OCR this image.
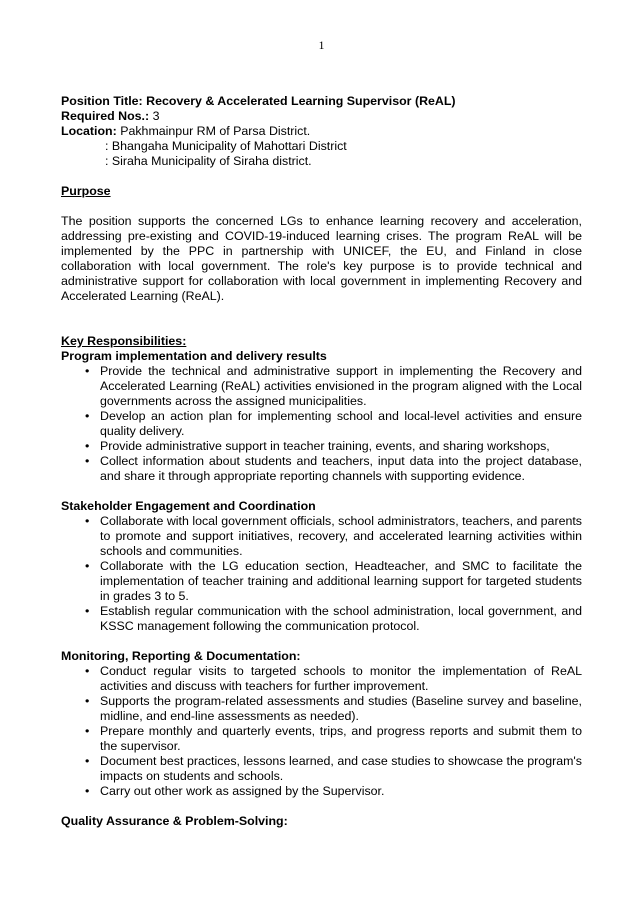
1

Position Title: Recovery & Accelerated Learning Supervisor (ReAL)

Required Nos.: 3

Location: Pakhmainpur RM of Parsa District.

: Bhangaha Municipality of Mahottari District

: Siraha Municipality of Siraha district.

Purpose

The position supports the concerned LGs to enhance learning recovery and acceleration, addressing pre-existing and COVID-19-induced learning crises. The program ReAL will be implemented by the PPC in partnership with UNICEF, the EU, and Finland in close collaboration with local government. The role's key purpose is to provide technical and administrative support for collaboration with local government in implementing Recovery and Accelerated Learning (ReAL).

Key Responsibilities:

Program implementation and delivery results

• Provide the technical and administrative support in implementing the Recovery and Accelerated Learning (ReAL) activities envisioned in the program aligned with the Local governments across the assigned municipalities.
• Develop an action plan for implementing school and local-level activities and ensure quality delivery.
• Provide administrative support in teacher training, events, and sharing workshops,
• Collect information about students and teachers, input data into the project database, and share it through appropriate reporting channels with supporting evidence.

Stakeholder Engagement and Coordination

• Collaborate with local government officials, school administrators, teachers, and parents to promote and support initiatives, recovery, and accelerated learning activities within schools and communities.
• Collaborate with the LG education section, Headteacher, and SMC to facilitate the implementation of teacher training and additional learning support for targeted students in grades 3 to 5.
• Establish regular communication with the school administration, local government, and KSSC management following the communication protocol.

Monitoring, Reporting & Documentation:

• Conduct regular visits to targeted schools to monitor the implementation of ReAL activities and discuss with teachers for further improvement.
• Supports the program-related assessments and studies (Baseline survey and baseline, midline, and end-line assessments as needed).
• Prepare monthly and quarterly events, trips, and progress reports and submit them to the supervisor.
• Document best practices, lessons learned, and case studies to showcase the program's impacts on students and schools.
• Carry out other work as assigned by the Supervisor.

Quality Assurance & Problem-Solving:
